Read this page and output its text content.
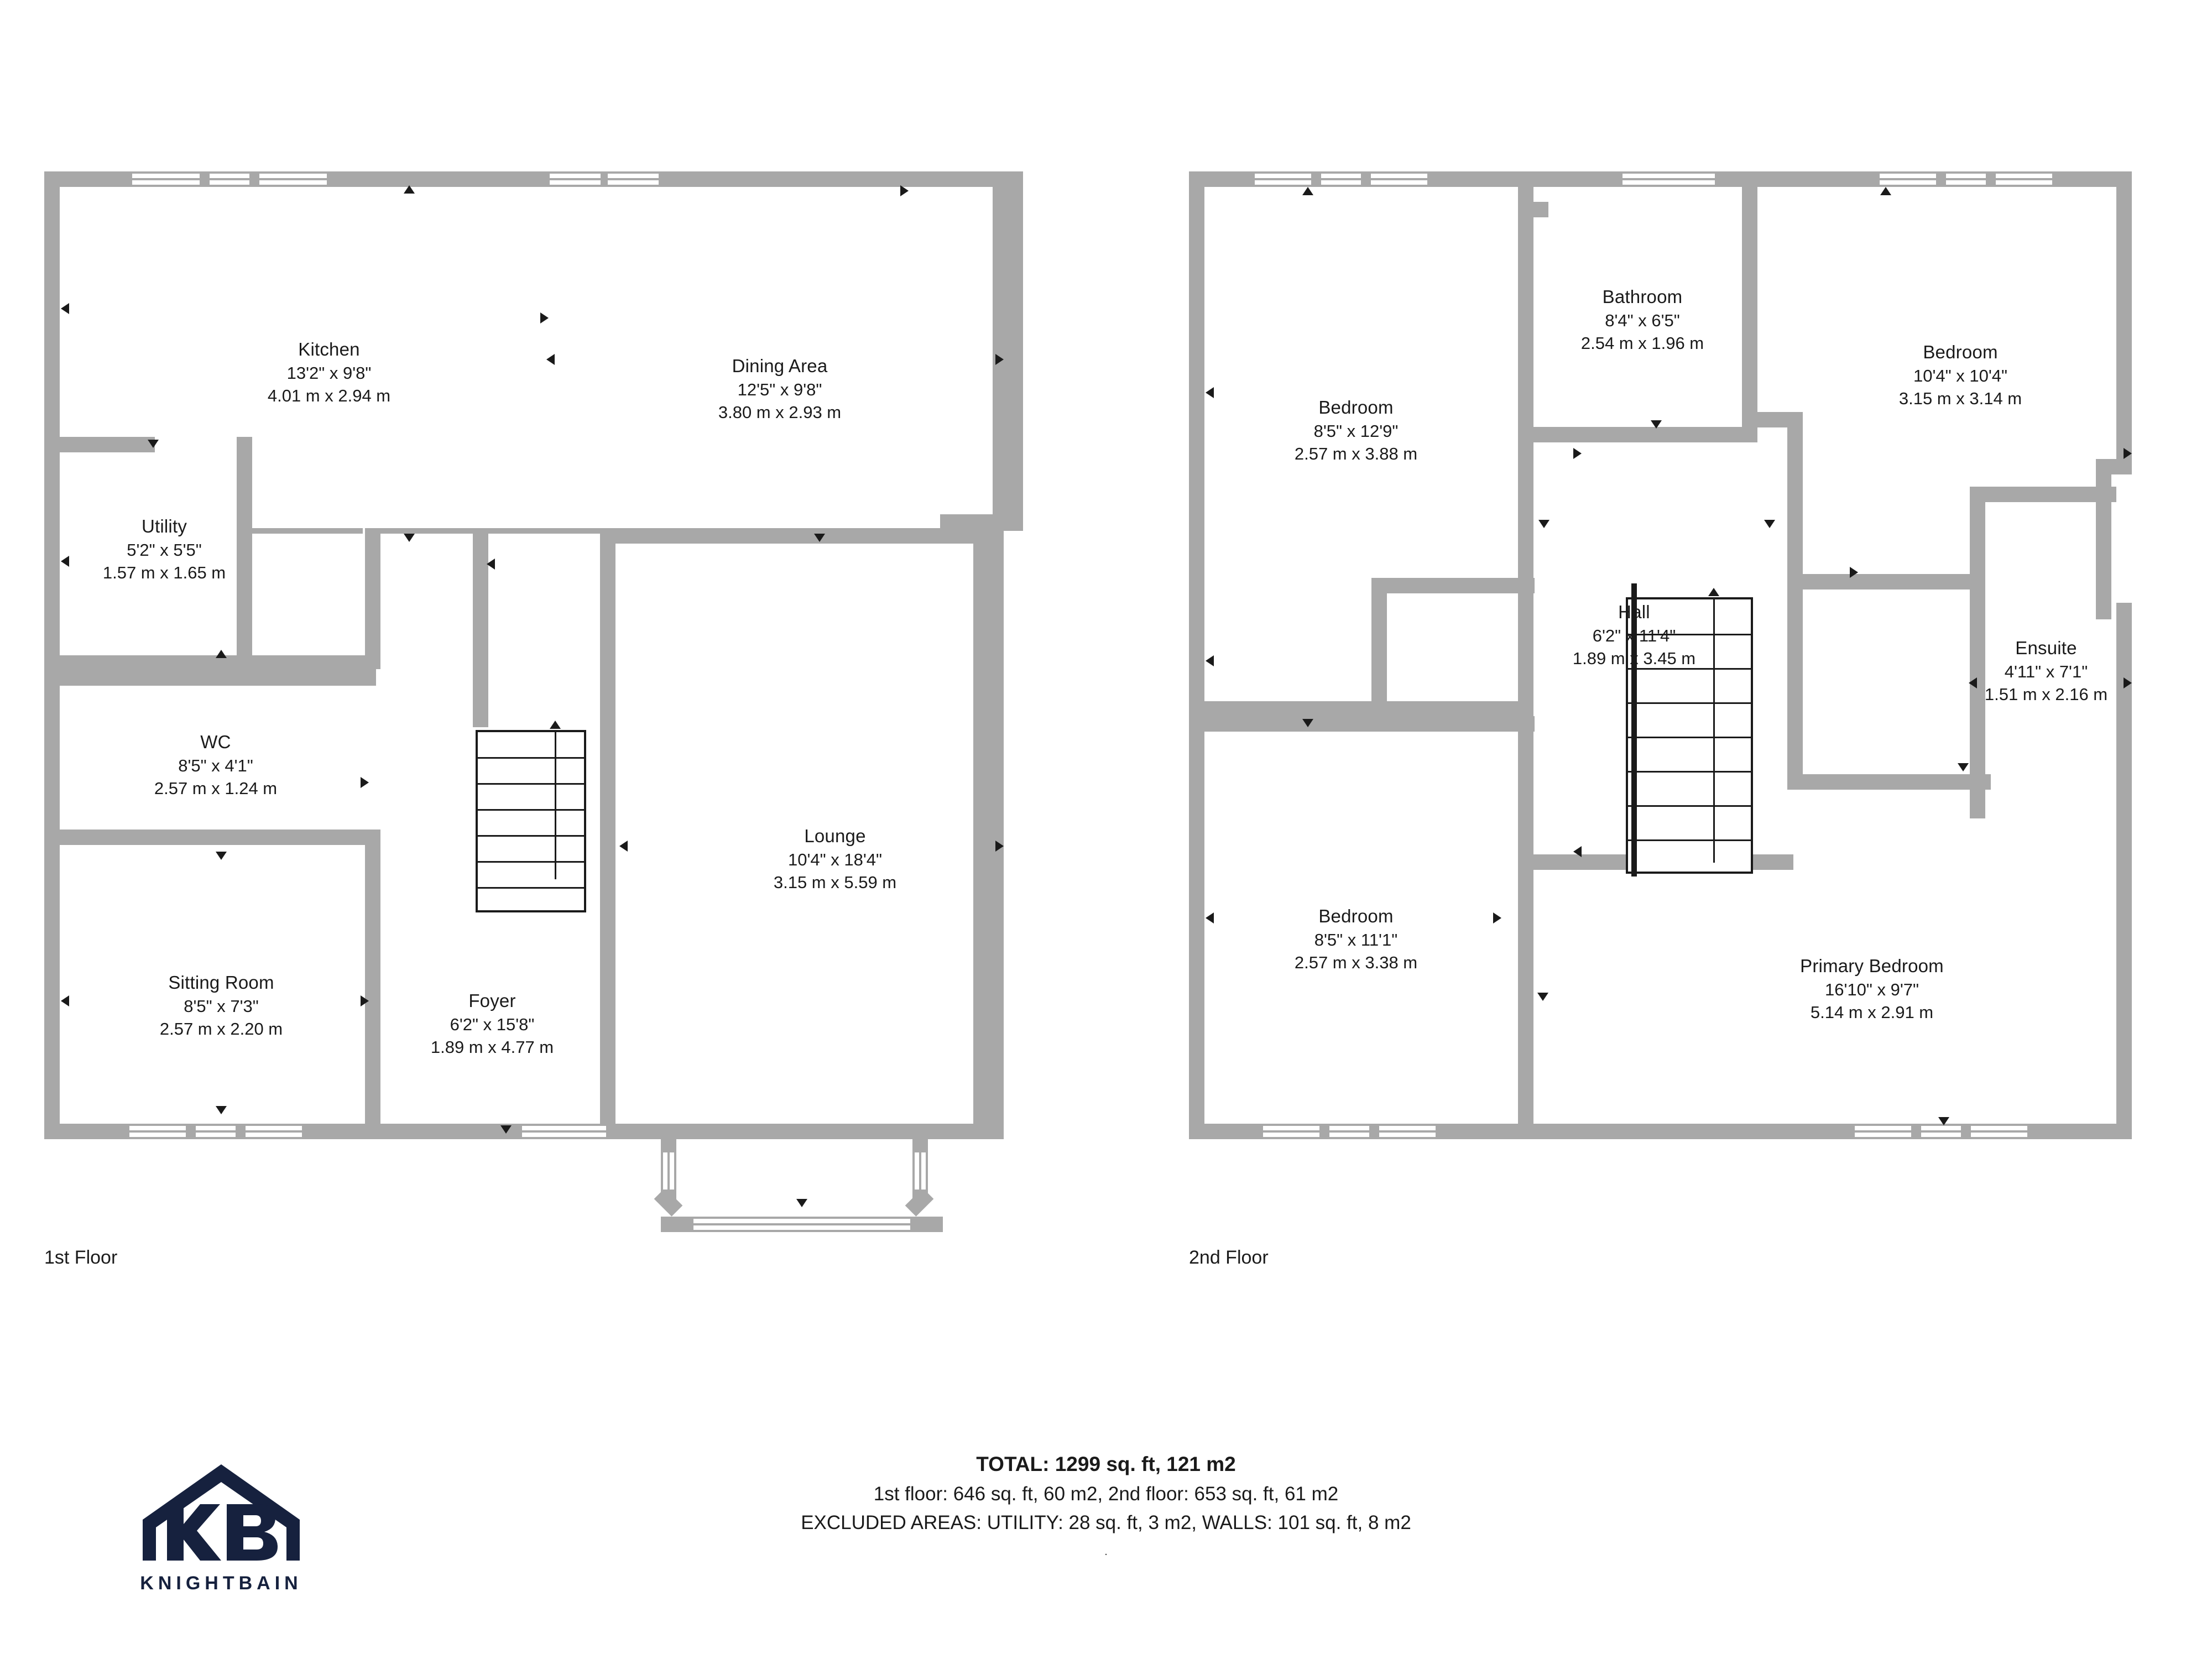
Kitchen
13'2" x 9'8"
4.01 m x 2.94 m
Dining Area
12'5" x 9'8"
3.80 m x 2.93 m
Utility
5'2" x 5'5"
1.57 m x 1.65 m
WC
8'5" x 4'1"
2.57 m x 1.24 m
Lounge
10'4" x 18'4"
3.15 m x 5.59 m
Sitting Room
8'5" x 7'3"
2.57 m x 2.20 m
Foyer
6'2" x 15'8"
1.89 m x 4.77 m
1st Floor
Bedroom
8'5" x 12'9"
2.57 m x 3.88 m
Bathroom
8'4" x 6'5"
2.54 m x 1.96 m	Bedroom
10'4" x 10'4"
3.15 m x 3.14 m
Hall
6'2" x 11'4"
1.89 m x 3.45 m
Ensuite
4'11" x 7'1"
1.51 m x 2.16 m
Bedroom
8'5" x 11'1"
2.57 m x 3.38 m	Primary Bedroom
16'10" x 9'7"
5.14 m x 2.91 m
2nd Floor
TOTAL: 1299 sq. ft, 121 m2
1st floor: 646 sq. ft, 60 m2, 2nd floor: 653 sq. ft, 61 m2
EXCLUDED AREAS: UTILITY: 28 sq. ft, 3 m2, WALLS: 101 sq. ft, 8 m2
.
KNIGHTBAIN
